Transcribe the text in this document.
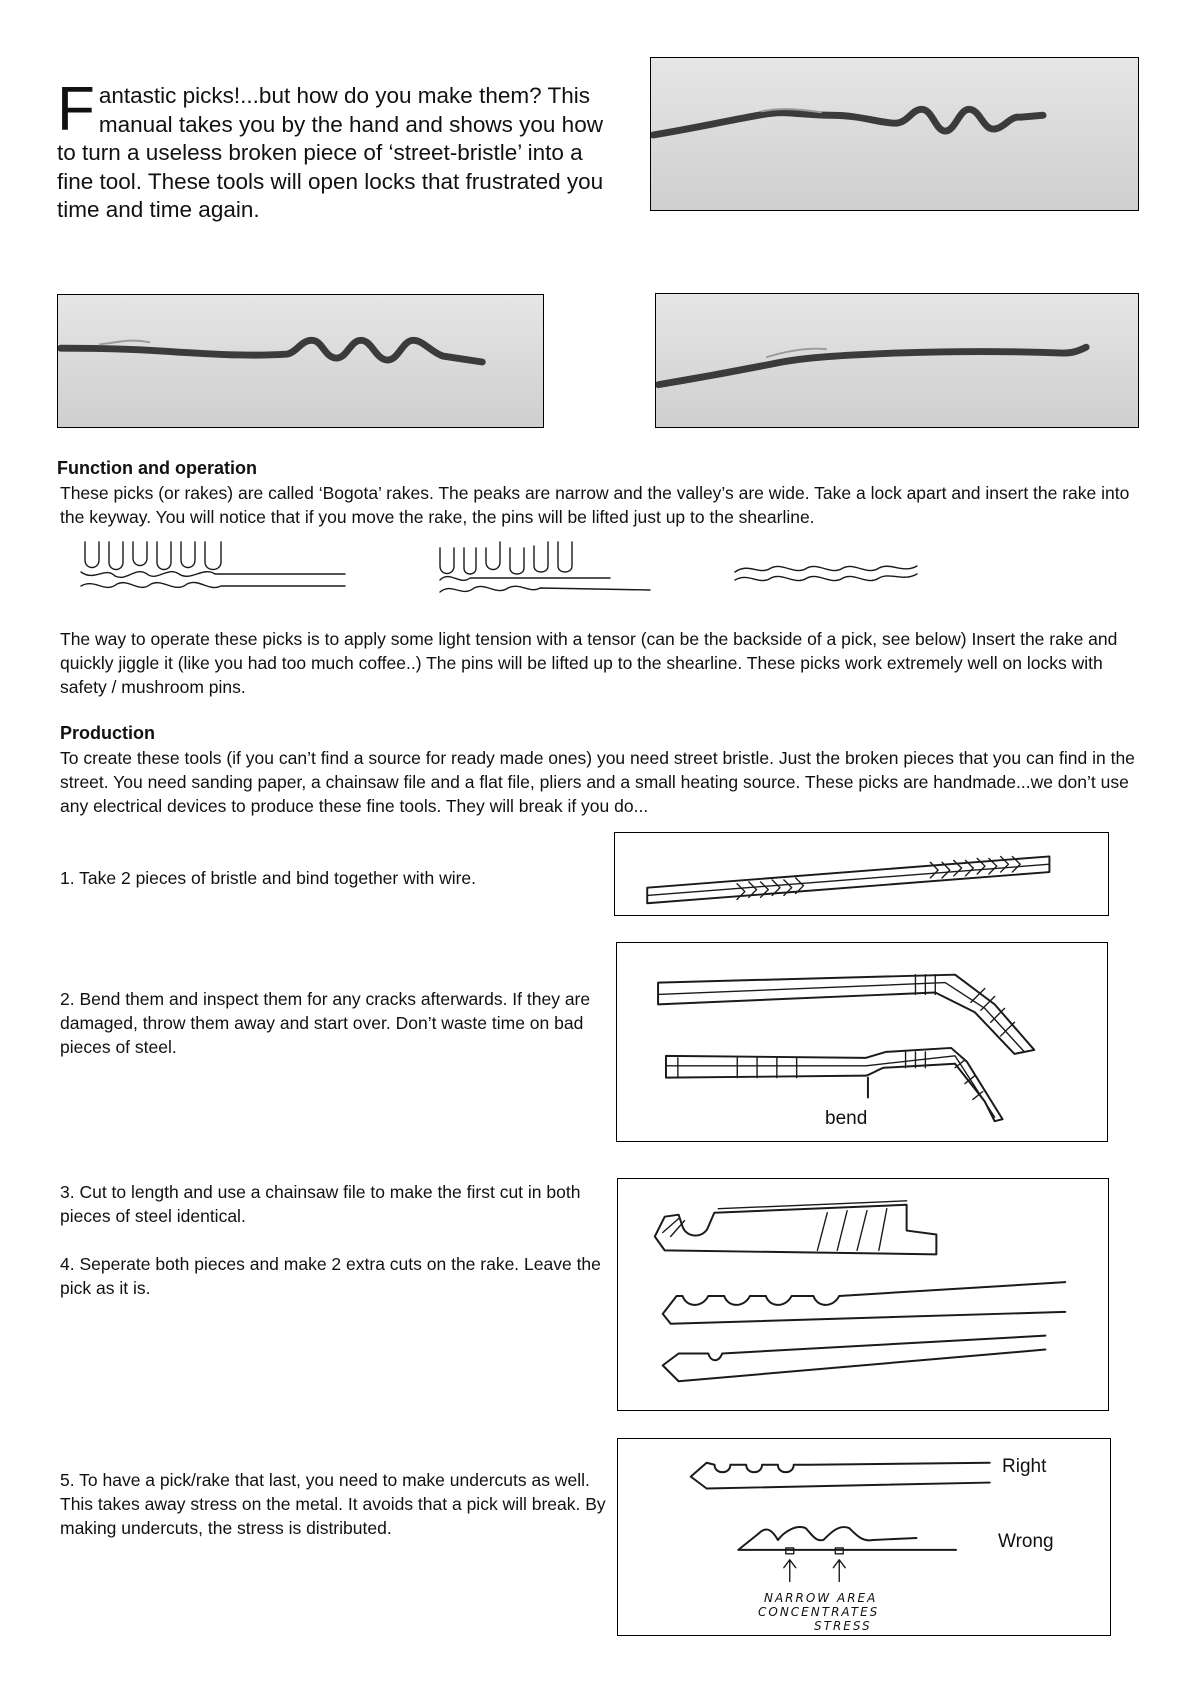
Fantastic picks!...but how do you make them? This manual takes you by the hand and shows you how to turn a useless broken piece of ‘street-bristle’ into a fine tool. These tools will open locks that frustrated you time and time again.
Function and operation
These picks (or rakes) are called ‘Bogota’ rakes. The peaks are narrow and the valley’s are wide. Take a lock apart and insert the rake into the keyway. You will notice that if you move the rake, the pins will be lifted just up to the shearline.
The way to operate these picks is to apply some light tension with a tensor (can be the backside of a pick, see below) Insert the rake and quickly jiggle it (like you had too much coffee..) The pins will be lifted up to the shearline. These picks work extremely well on locks with safety / mushroom pins.
Production
To create these tools (if you can’t find a source for ready made ones) you need street bristle. Just the broken pieces that you can find in the street. You need sanding paper, a chainsaw file and a flat file, pliers and a small heating source. These picks are handmade...we don’t use any electrical devices to produce these fine tools. They will break if you do...
1. Take 2 pieces of bristle and bind together with wire.
2. Bend them and inspect them for any cracks afterwards. If they are damaged, throw them away and start over. Don’t waste time on bad pieces of steel.
bend
3. Cut to length and use a chainsaw file to make the first cut in both pieces of steel identical.
4. Seperate both pieces and make 2 extra cuts on the rake. Leave the pick as it is.
5. To have a pick/rake that last, you need to make undercuts as well. This takes away stress on the metal. It avoids that a pick will break. By making undercuts, the stress is distributed.
Right
Wrong
NARROW AREA
CONCENTRATES
STRESS
